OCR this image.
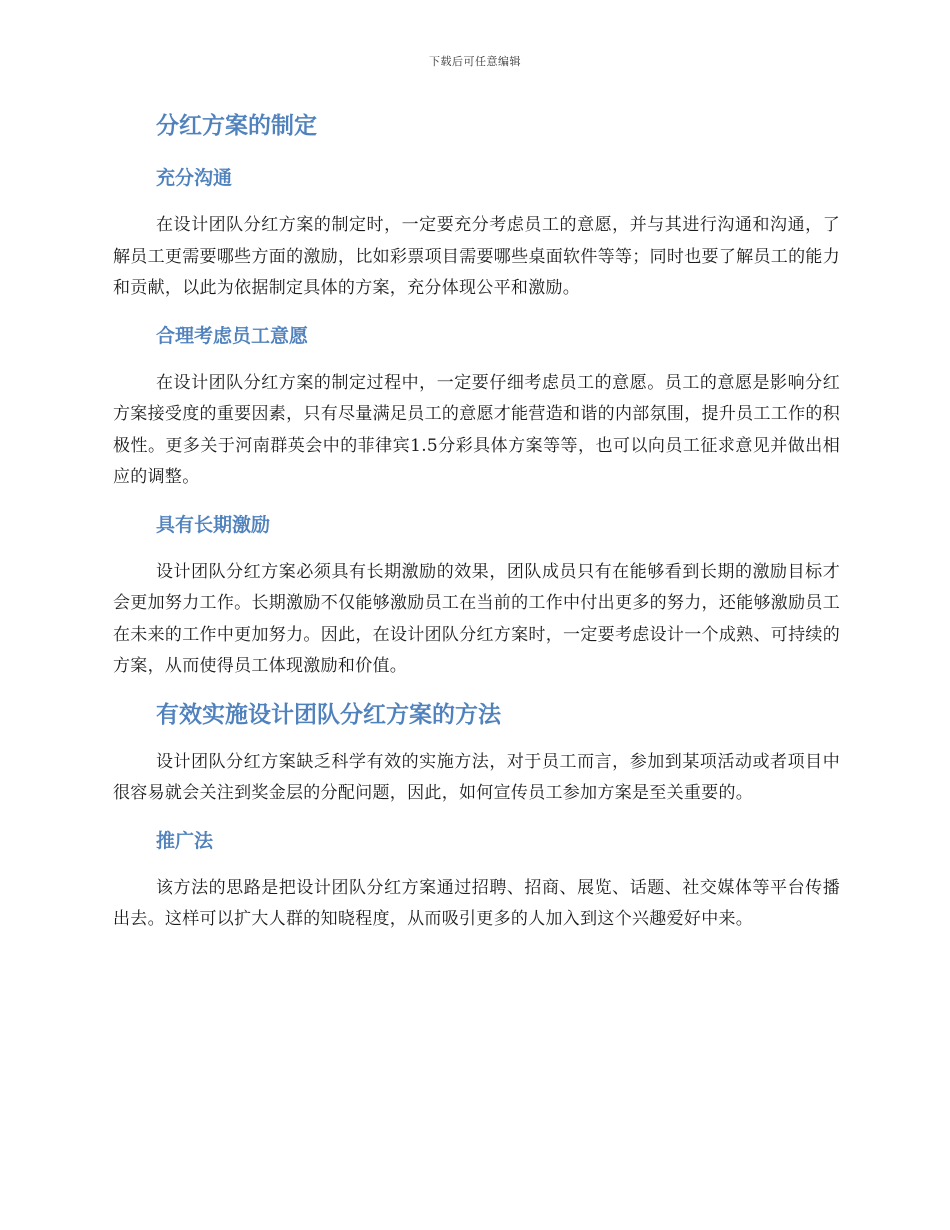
下载后可任意编辑
分红方案的制定
充分沟通

在设计团队分红方案的制定时，一定要充分考虑员工的意愿，并与其进行沟通和沟通，了解员工更需要哪些方面的激励，比如彩票项目需要哪些桌面软件等等；同时也要了解员工的能力和贡献，以此为依据制定具体的方案，充分体现公平和激励。

合理考虑员工意愿

在设计团队分红方案的制定过程中，一定要仔细考虑员工的意愿。员工的意愿是影响分红方案接受度的重要因素，只有尽量满足员工的意愿才能营造和谐的内部氛围，提升员工工作的积极性。更多关于河南群英会中的菲律宾1.5分彩具体方案等等，也可以向员工征求意见并做出相应的调整。

具有长期激励

设计团队分红方案必须具有长期激励的效果，团队成员只有在能够看到长期的激励目标才会更加努力工作。长期激励不仅能够激励员工在当前的工作中付出更多的努力，还能够激励员工在未来的工作中更加努力。因此，在设计团队分红方案时，一定要考虑设计一个成熟、可持续的方案，从而使得员工体现激励和价值。

有效实施设计团队分红方案的方法

设计团队分红方案缺乏科学有效的实施方法，对于员工而言，参加到某项活动或者项目中很容易就会关注到奖金层的分配问题，因此，如何宣传员工参加方案是至关重要的。

推广法

该方法的思路是把设计团队分红方案通过招聘、招商、展览、话题、社交媒体等平台传播出去。这样可以扩大人群的知晓程度，从而吸引更多的人加入到这个兴趣爱好中来。
